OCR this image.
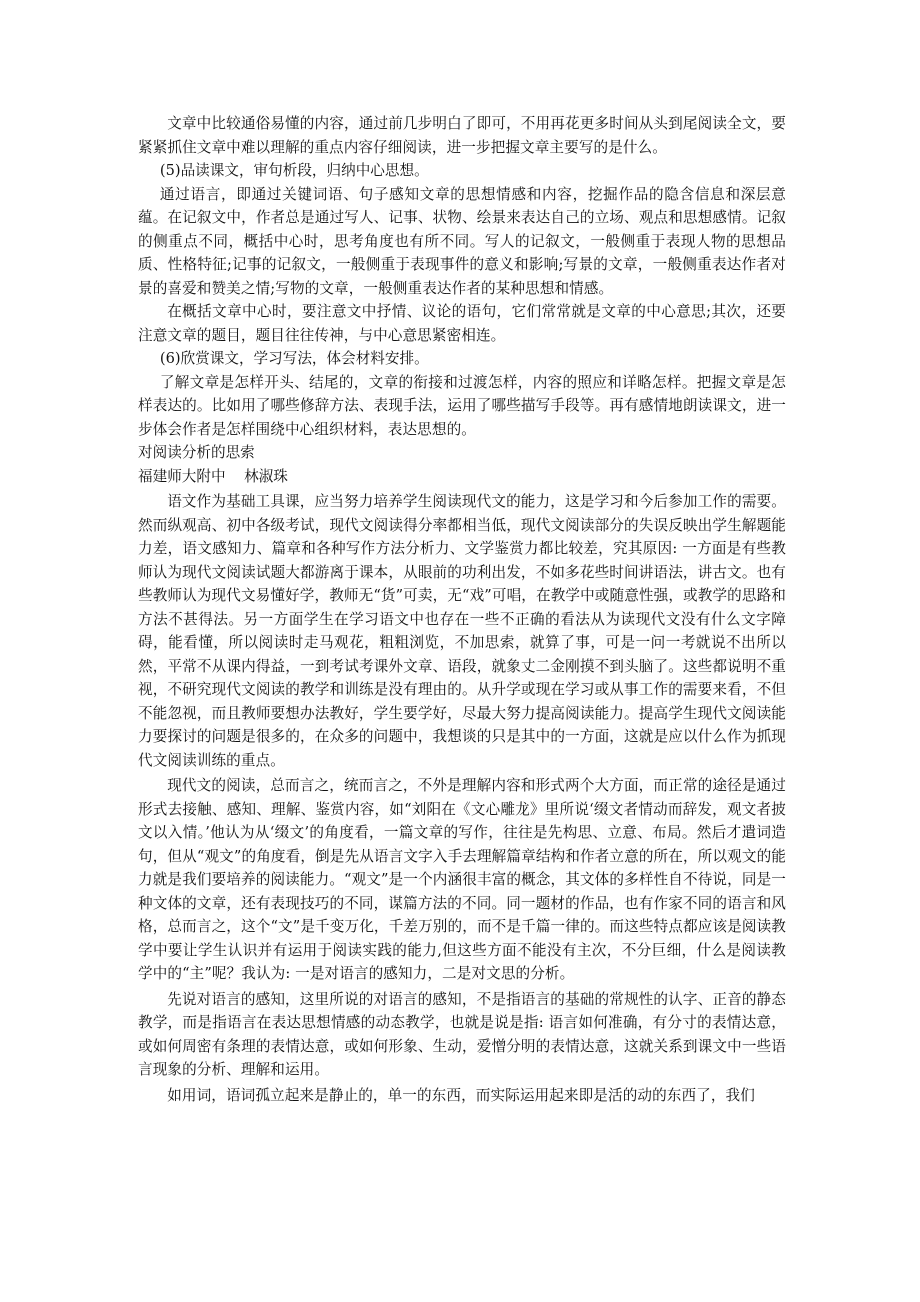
文章中比较通俗易懂的内容，通过前几步明白了即可，不用再花更多时间从头到尾阅读全文，要紧紧抓住文章中难以理解的重点内容仔细阅读，进一步把握文章主要写的是什么。

(5)品读课文，审句析段，归纳中心思想。

通过语言，即通过关键词语、句子感知文章的思想情感和内容，挖掘作品的隐含信息和深层意蕴。在记叙文中，作者总是通过写人、记事、状物、绘景来表达自己的立场、观点和思想感情。记叙的侧重点不同，概括中心时，思考角度也有所不同。写人的记叙文，一般侧重于表现人物的思想品质、性格特征;记事的记叙文，一般侧重于表现事件的意义和影响;写景的文章，一般侧重表达作者对景的喜爱和赞美之情;写物的文章，一般侧重表达作者的某种思想和情感。

在概括文章中心时，要注意文中抒情、议论的语句，它们常常就是文章的中心意思;其次，还要注意文章的题目，题目往往传神，与中心意思紧密相连。

(6)欣赏课文，学习写法，体会材料安排。

了解文章是怎样开头、结尾的，文章的衔接和过渡怎样，内容的照应和详略怎样。把握文章是怎样表达的。比如用了哪些修辞方法、表现手法，运用了哪些描写手段等。再有感情地朗读课文，进一步体会作者是怎样围绕中心组织材料，表达思想的。

对阅读分析的思索

福建师大附中    林淑珠

语文作为基础工具课，应当努力培养学生阅读现代文的能力，这是学习和今后参加工作的需要。然而纵观高、初中各级考试，现代文阅读得分率都相当低，现代文阅读部分的失误反映出学生解题能力差，语文感知力、篇章和各种写作方法分析力、文学鉴赏力都比较差，究其原因: 一方面是有些教师认为现代文阅读试题大都游离于课本，从眼前的功利出发，不如多花些时间讲语法，讲古文。也有些教师认为现代文易懂好学，教师无“货”可卖，无“戏”可唱，在教学中或随意性强，或教学的思路和方法不甚得法。另一方面学生在学习语文中也存在一些不正确的看法从为读现代文没有什么文字障碍，能看懂，所以阅读时走马观花，粗粗浏览，不加思索，就算了事，可是一问一考就说不出所以然，平常不从课内得益，一到考试考课外文章、语段，就象丈二金刚摸不到头脑了。这些都说明不重视，不研究现代文阅读的教学和训练是没有理由的。从升学或现在学习或从事工作的需要来看，不但不能忽视，而且教师要想办法教好，学生要学好，尽最大努力提高阅读能力。提高学生现代文阅读能力要探讨的问题是很多的，在众多的问题中，我想谈的只是其中的一方面，这就是应以什么作为抓现代文阅读训练的重点。

现代文的阅读，总而言之，统而言之，不外是理解内容和形式两个大方面，而正常的途径是通过形式去接触、感知、理解、鉴赏内容，如“刘阳在《文心雕龙》里所说‘缀文者情动而辞发，观文者披文以入情。’他认为从‘缀文’的角度看，一篇文章的写作，往往是先构思、立意、布局。然后才遣词造句，但从“观文”的角度看，倒是先从语言文字入手去理解篇章结构和作者立意的所在，所以观文的能力就是我们要培养的阅读能力。“观文”是一个内涵很丰富的概念，其文体的多样性自不待说，同是一种文体的文章，还有表现技巧的不同，谋篇方法的不同。同一题材的作品，也有作家不同的语言和风格，总而言之，这个“文”是千变万化，千差万别的，而不是千篇一律的。而这些特点都应该是阅读教学中要让学生认识并有运用于阅读实践的能力,但这些方面不能没有主次，不分巨细，什么是阅读教学中的“主”呢？我认为: 一是对语言的感知力，二是对文思的分析。

先说对语言的感知，这里所说的对语言的感知，不是指语言的基础的常规性的认字、正音的静态教学，而是指语言在表达思想情感的动态教学，也就是说是指: 语言如何准确，有分寸的表情达意，或如何周密有条理的表情达意，或如何形象、生动，爱憎分明的表情达意，这就关系到课文中一些语言现象的分析、理解和运用。

如用词，语词孤立起来是静止的，单一的东西，而实际运用起来即是活的动的东西了，我们
